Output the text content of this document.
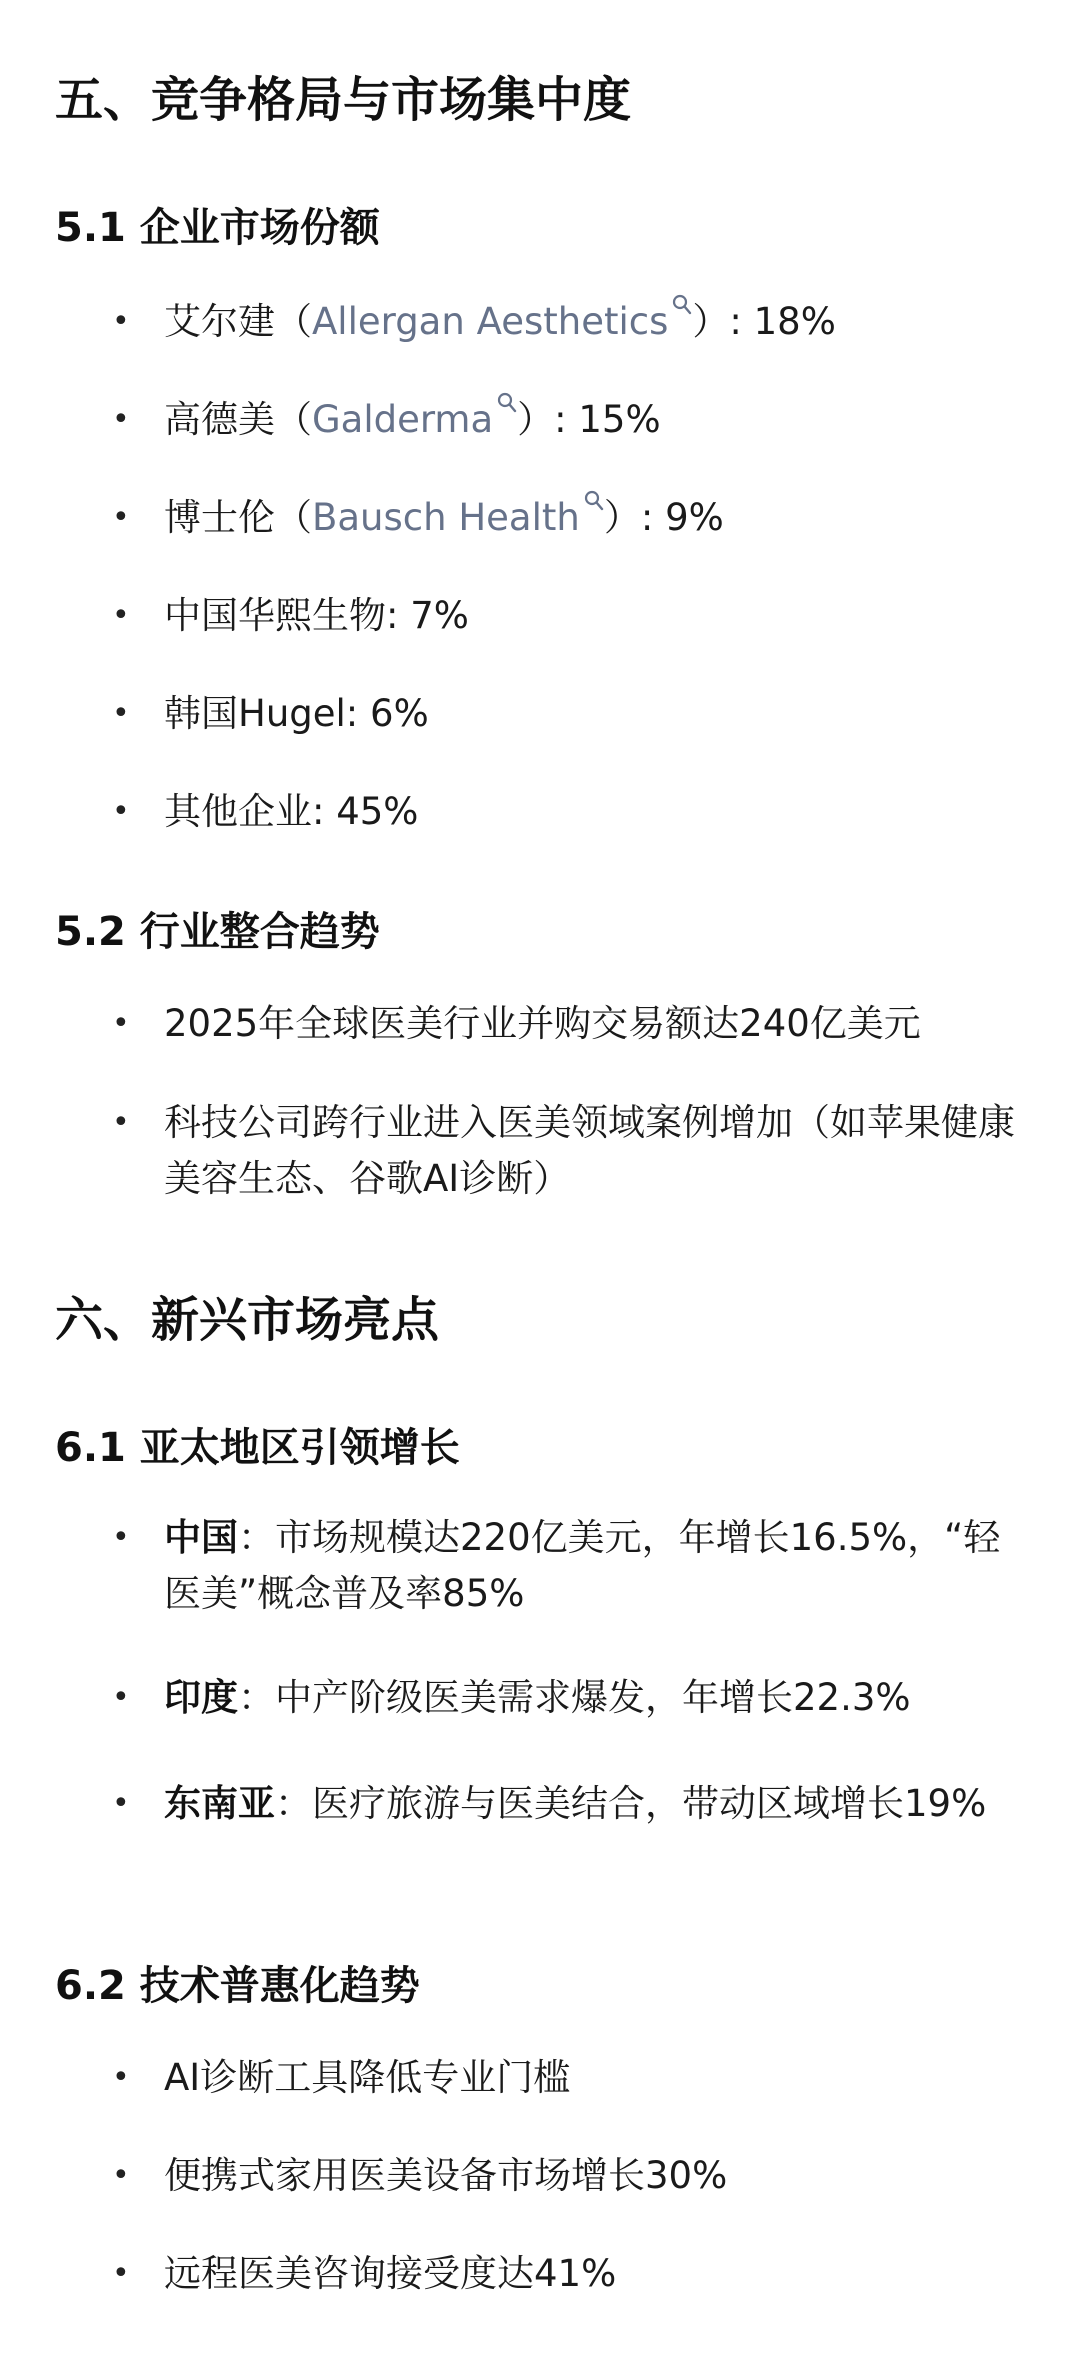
五、竞争格局与市场集中度
5.1 企业市场份额
• 艾尔建（Allergan Aesthetics ）: 18%
• 高德美（Galderma ）: 15%
• 博士伦（Bausch Health ）: 9%
• 中国华熙生物: 7%
• 韩国Hugel: 6%
• 其他企业: 45%
5.2 行业整合趋势
• 2025年全球医美行业并购交易额达240亿美元
• 科技公司跨行业进入医美领域案例增加（如苹果健康美容生态、谷歌AI诊断）
六、新兴市场亮点
6.1 亚太地区引领增长
• 中国：市场规模达220亿美元，年增长16.5%，“轻医美”概念普及率85%
• 印度：中产阶级医美需求爆发，年增长22.3%
• 东南亚：医疗旅游与医美结合，带动区域增长19%
6.2 技术普惠化趋势
• AI诊断工具降低专业门槛
• 便携式家用医美设备市场增长30%
• 远程医美咨询接受度达41%
